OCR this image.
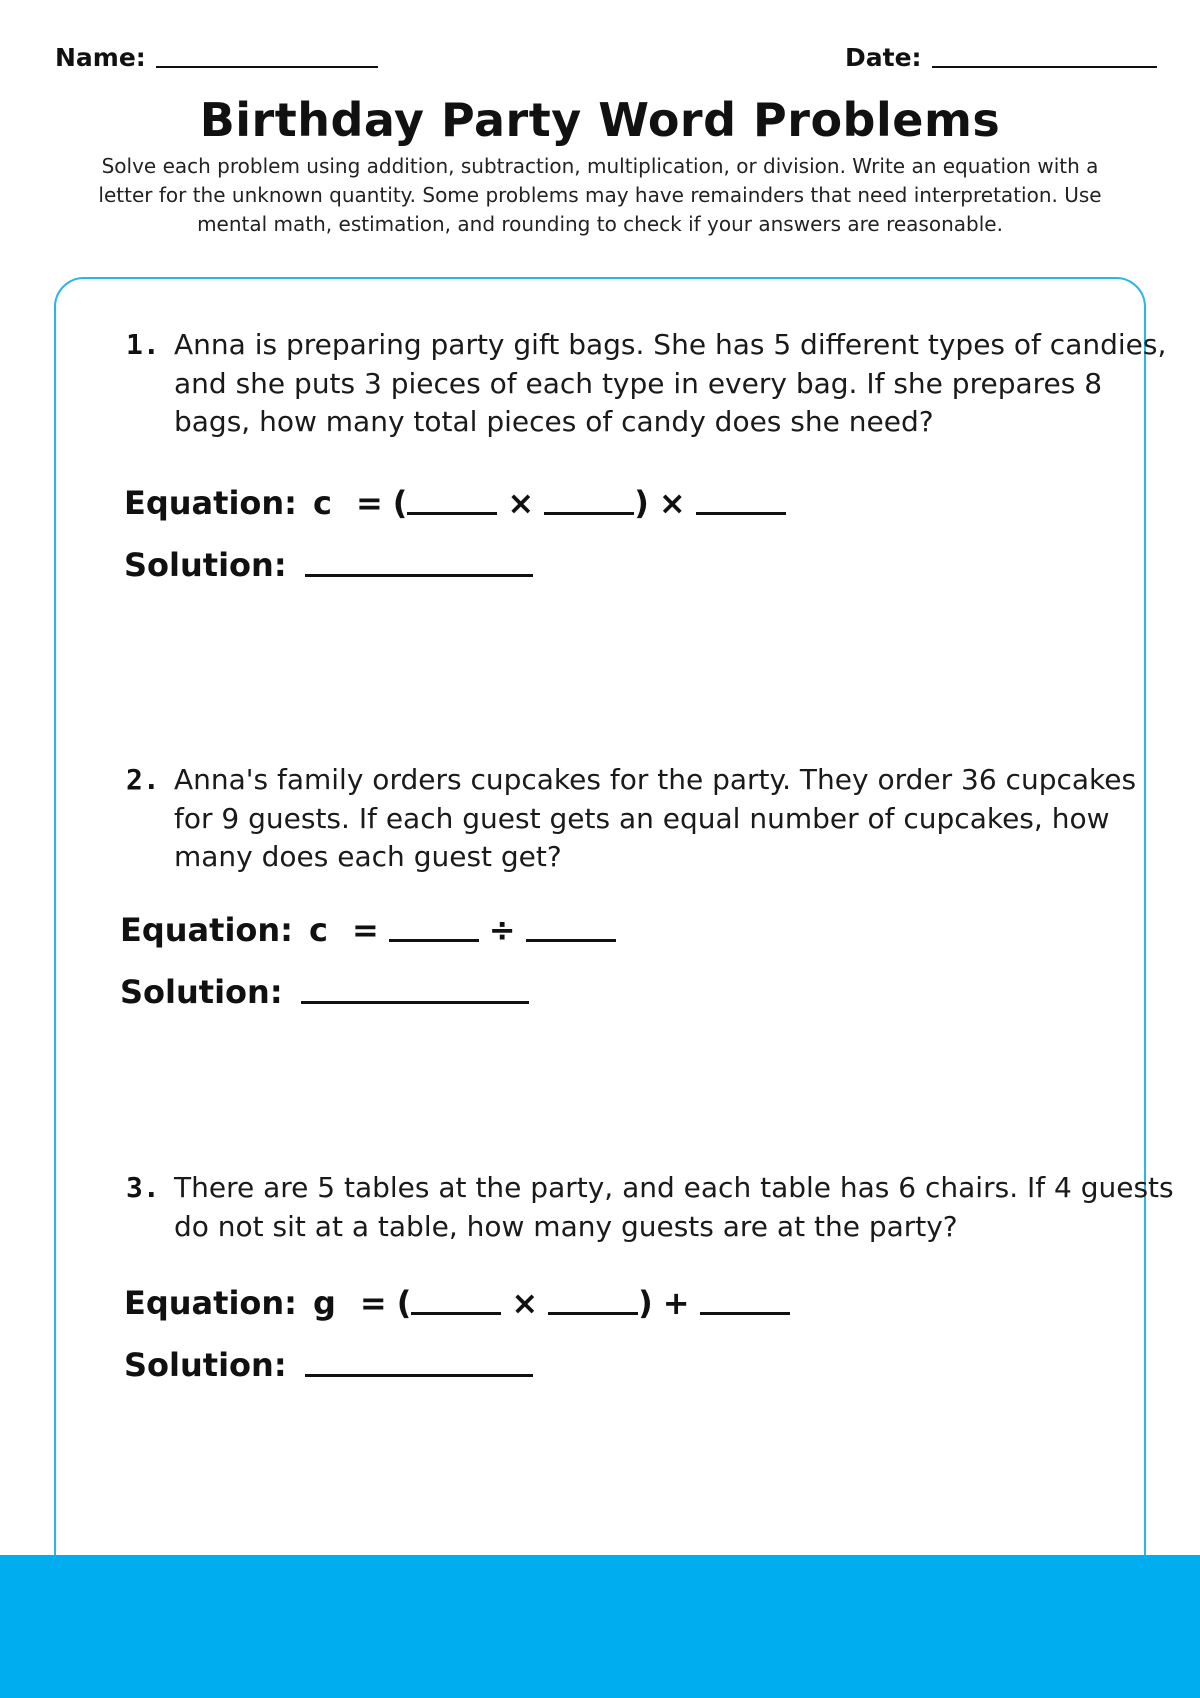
Name:	Date:
Birthday Party Word Problems

Solve each problem using addition, subtraction, multiplication, or division. Write an equation with a letter for the unknown quantity. Some problems may have remainders that need interpretation. Use mental math, estimation, and rounding to check if your answers are reasonable.

1. Anna is preparing party gift bags. She has 5 different types of candies, and she puts 3 pieces of each type in every bag. If she prepares 8 bags, how many total pieces of candy does she need?

Equation: c = (	×	) ×
Solution:
2. Anna's family orders cupcakes for the party. They order 36 cupcakes for 9 guests. If each guest gets an equal number of cupcakes, how many does each guest get?

Equation: c =	÷
Solution:
3. There are 5 tables at the party, and each table has 6 chairs. If 4 guests do not sit at a table, how many guests are at the party?

Equation: g = (	×	) +
Solution:
